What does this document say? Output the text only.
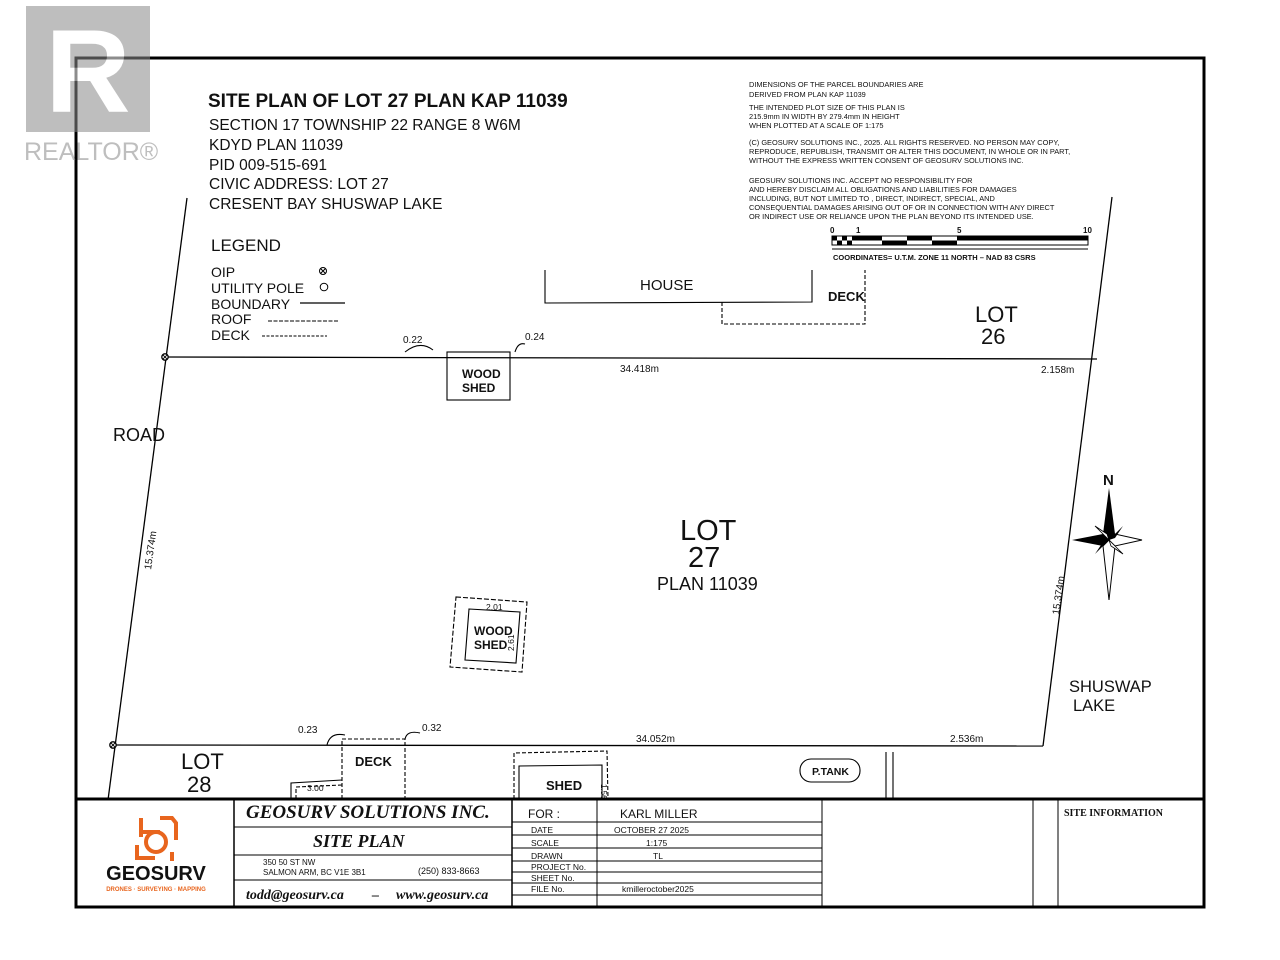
R
REALTOR®
SITE PLAN OF LOT 27 PLAN KAP 11039
SECTION 17 TOWNSHIP 22 RANGE 8 W6M
KDYD PLAN 11039
PID 009-515-691
CIVIC ADDRESS: LOT 27
CRESENT BAY SHUSWAP LAKE
DIMENSIONS OF THE PARCEL BOUNDARIES ARE
DERIVED FROM PLAN KAP 11039
THE INTENDED PLOT SIZE OF THIS PLAN IS
215.9mm IN WIDTH BY 279.4mm IN HEIGHT
WHEN PLOTTED AT A SCALE OF 1:175
(C) GEOSURV SOLUTIONS INC., 2025. ALL RIGHTS RESERVED. NO PERSON MAY COPY,
REPRODUCE, REPUBLISH, TRANSMIT OR ALTER THIS DOCUMENT, IN WHOLE OR IN PART,
WITHOUT THE EXPRESS WRITTEN CONSENT OF GEOSURV SOLUTIONS INC.
GEOSURV SOLUTIONS INC. ACCEPT NO RESPONSIBILITY FOR
AND HEREBY DISCLAIM ALL OBLIGATIONS AND LIABILITIES FOR DAMAGES
INCLUDING, BUT NOT LIMITED TO , DIRECT, INDIRECT, SPECIAL, AND
CONSEQUENTIAL DAMAGES ARISING OUT OF OR IN CONNECTION WITH ANY DIRECT
OR INDIRECT USE OR RELIANCE UPON THE PLAN BEYOND ITS INTENDED USE.
0	1	5	10
COORDINATES= U.T.M. ZONE 11 NORTH – NAD 83 CSRS
LEGEND
OIP
UTILITY POLE
BOUNDARY
ROOF
DECK
ROAD
SHUSWAP
LAKE
LOT
26
LOT
28
LOT
27
PLAN 11039
HOUSE
DECK
DECK
SHED
P.TANK
WOOD
SHED
WOOD
SHED
34.418m	2.158m
34.052m	2.536m
0.22	0.24
0.23	0.32
2.01
3.00
2.61
1.56
15.374m
15.374m
N
GEOSURV
DRONES · SURVEYING · MAPPING
GEOSURV SOLUTIONS INC.
SITE PLAN
350 50 ST NW
SALMON ARM, BC V1E 3B1	(250) 833-8663
todd@geosurv.ca – www.geosurv.ca
FOR :	KARL MILLER
DATE	OCTOBER 27 2025
SCALE	1:175
DRAWN	TL
PROJECT No.
SHEET No.
FILE No.	kmilleroctober2025
SITE INFORMATION
